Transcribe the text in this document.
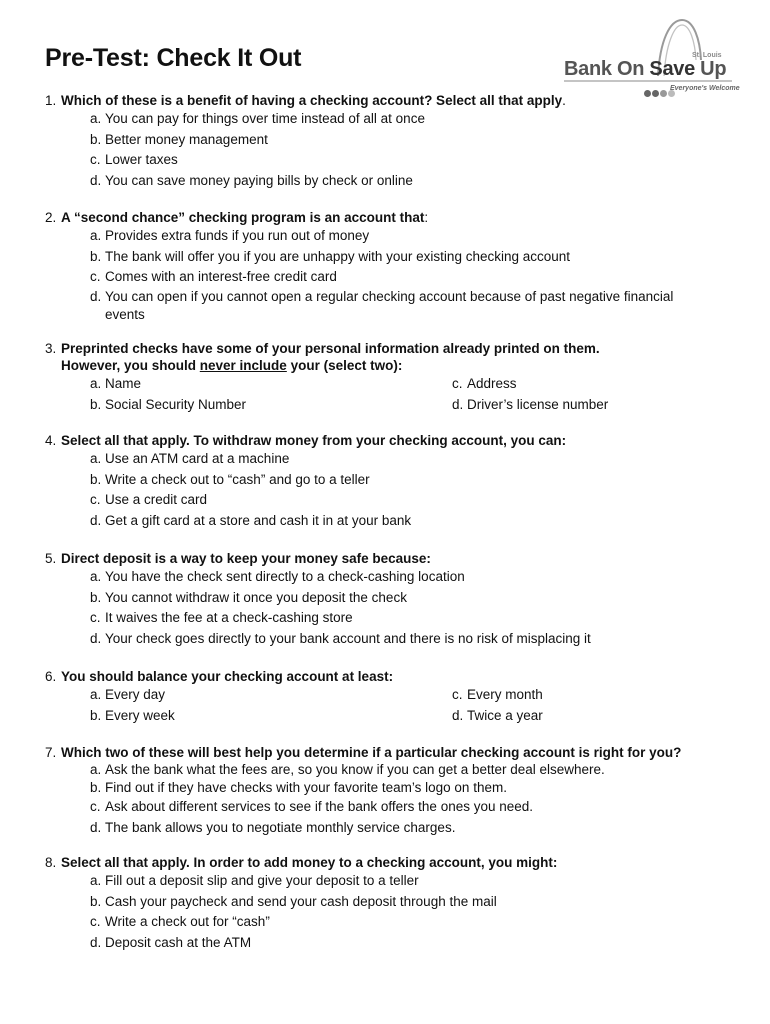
Pre-Test: Check It Out	St. Louis
Bank On Save Up
Everyone's Welcome
1. Which of these is a benefit of having a checking account? Select all that apply.
a. You can pay for things over time instead of all at once
b. Better money management
c. Lower taxes
d. You can save money paying bills by check or online
2. A “second chance” checking program is an account that:
a. Provides extra funds if you run out of money
b. The bank will offer you if you are unhappy with your existing checking account
c. Comes with an interest-free credit card
d. You can open if you cannot open a regular checking account because of past negative financial events
3. Preprinted checks have some of your personal information already printed on them.
However, you should never include your (select two):
a. Name	c. Address
b. Social Security Number	d. Driver’s license number
4. Select all that apply. To withdraw money from your checking account, you can:
a. Use an ATM card at a machine
b. Write a check out to “cash” and go to a teller
c. Use a credit card
d. Get a gift card at a store and cash it in at your bank
5. Direct deposit is a way to keep your money safe because:
a. You have the check sent directly to a check-cashing location
b. You cannot withdraw it once you deposit the check
c. It waives the fee at a check-cashing store
d. Your check goes directly to your bank account and there is no risk of misplacing it
6. You should balance your checking account at least:
a. Every day	c. Every month
b. Every week	d. Twice a year
7. Which two of these will best help you determine if a particular checking account is right for you?
a. Ask the bank what the fees are, so you know if you can get a better deal elsewhere.
b. Find out if they have checks with your favorite team’s logo on them.
c. Ask about different services to see if the bank offers the ones you need.
d. The bank allows you to negotiate monthly service charges.
8. Select all that apply. In order to add money to a checking account, you might:
a. Fill out a deposit slip and give your deposit to a teller
b. Cash your paycheck and send your cash deposit through the mail
c. Write a check out for “cash”
d. Deposit cash at the ATM
